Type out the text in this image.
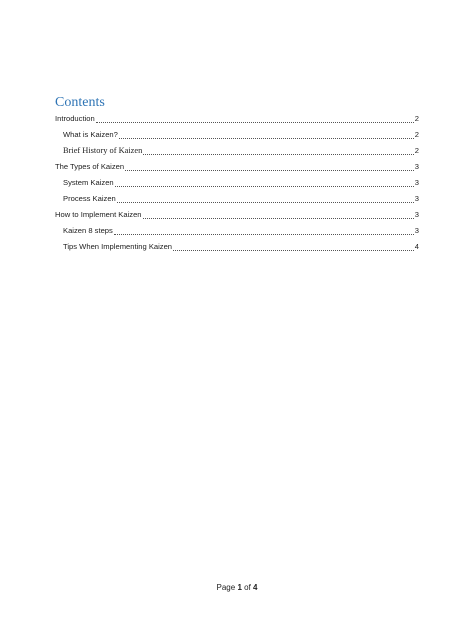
Contents
Introduction	2
What is Kaizen?	2
Brief History of Kaizen	2
The Types of Kaizen	3
System Kaizen	3
Process Kaizen	3
How to Implement Kaizen	3
Kaizen 8 steps	3
Tips When Implementing Kaizen	4
Page 1 of 4
